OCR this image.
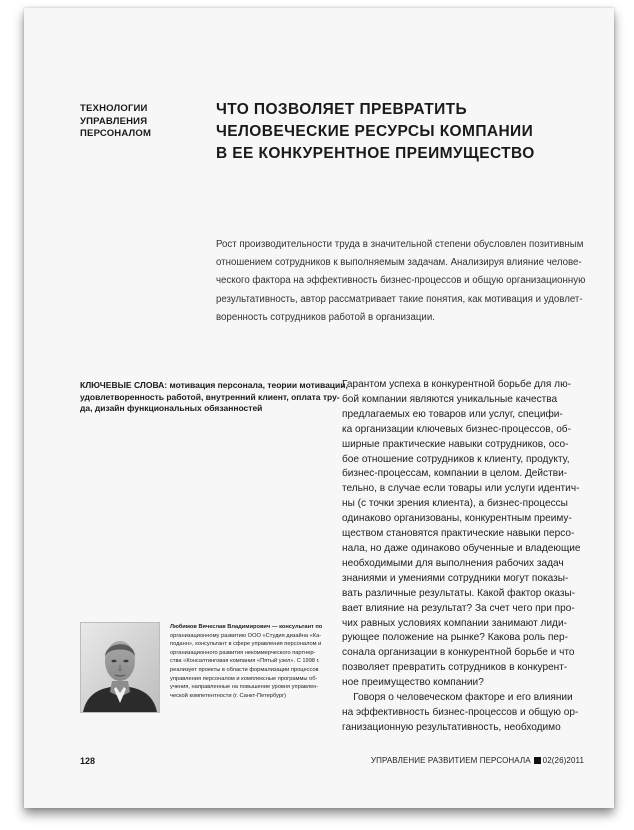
ТЕХНОЛОГИИ
УПРАВЛЕНИЯ
ПЕРСОНАЛОМ
ЧТО ПОЗВОЛЯЕТ ПРЕВРАТИТЬ
ЧЕЛОВЕЧЕСКИЕ РЕСУРСЫ КОМПАНИИ
В ЕЕ КОНКУРЕНТНОЕ ПРЕИМУЩЕСТВО
Рост производительности труда в значительной степени обусловлен позитивным
отношением сотрудников к выполняемым задачам. Анализируя влияние челове-
ческого фактора на эффективность бизнес-процессов и общую организационную
результативность, автор рассматривает такие понятия, как мотивация и удовлет-
воренность сотрудников работой в организации.
КЛЮЧЕВЫЕ СЛОВА: мотивация персонала, теории мотивации,
удовлетворенность работой, внутренний клиент, оплата тру-
да, дизайн функциональных обязанностей
Гарантом успеха в конкурентной борьбе для лю-
бой компании являются уникальные качества
предлагаемых ею товаров или услуг, специфи-
ка организации ключевых бизнес-процессов, об-
ширные практические навыки сотрудников, осо-
бое отношение сотрудников к клиенту, продукту,
бизнес-процессам, компании в целом. Действи-
тельно, в случае если товары или услуги идентич-
ны (с точки зрения клиента), а бизнес-процессы
одинаково организованы, конкурентным преиму-
ществом становятся практические навыки персо-
нала, но даже одинаково обученные и владеющие
необходимыми для выполнения рабочих задач
знаниями и умениями сотрудники могут показы-
вать различные результаты. Какой фактор оказы-
вает влияние на результат? За счет чего при про-
чих равных условиях компании занимают лиди-
рующее положение на рынке? Какова роль пер-
сонала организации в конкурентной борьбе и что
позволяет превратить сотрудников в конкурент-
ное преимущество компании?
Говоря о человеческом факторе и его влиянии
на эффективность бизнес-процессов и общую ор-
ганизационную результативность, необходимо
Любимов Вячеслав Владимирович — консультант по
организационному развитию ООО «Студия дизайна «Ка-
поданн», консультант в сфере управления персоналом и
организационного развития некоммерческого партнер-
ства «Консалтинговая компания «Пятый узел». С 1998 г.
реализует проекты в области формализации процессов
управления персоналом и комплексные программы об-
учения, направленные на повышение уровня управлен-
ческой компетентности (г. Санкт-Петербург)
128	УПРАВЛЕНИЕ РАЗВИТИЕМ ПЕРСОНАЛА 02(26)2011
